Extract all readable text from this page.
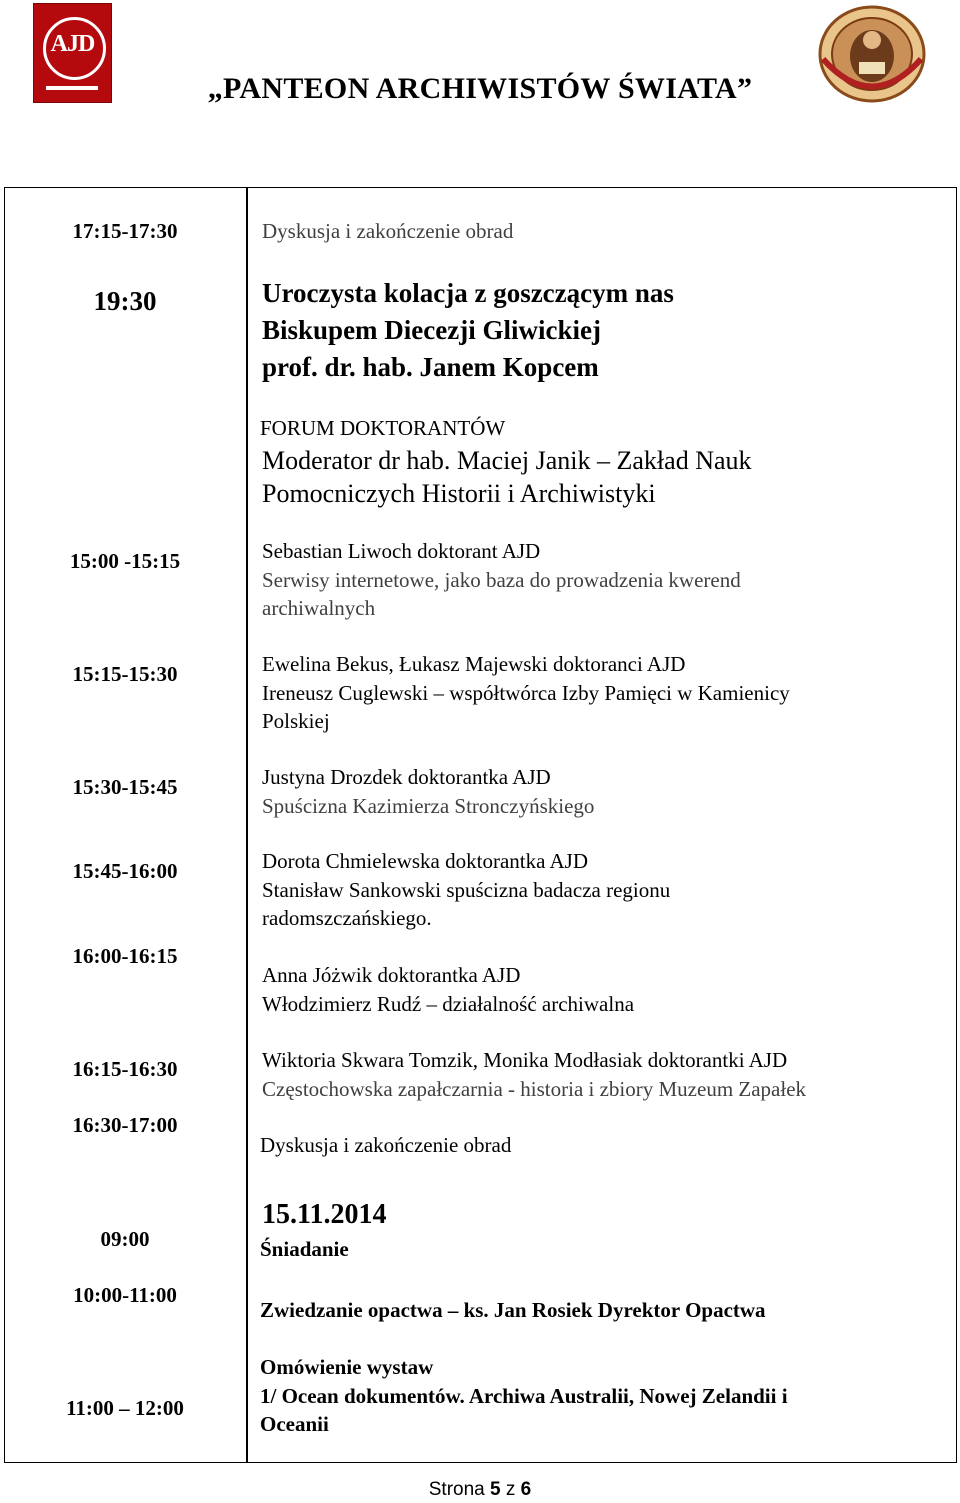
AJD
„PANTEON ARCHIWISTÓW ŚWIATA”
17:15-17:30
19:30
15:00 -15:15
15:15-15:30
15:30-15:45
15:45-16:00
16:00-16:15
16:15-16:30
16:30-17:00
09:00
10:00-11:00
11:00 – 12:00
Dyskusja i zakończenie obrad
Uroczysta kolacja z goszczącym nas
Biskupem Diecezji Gliwickiej
prof. dr. hab. Janem Kopcem
FORUM DOKTORANTÓW
Moderator dr hab. Maciej Janik – Zakład Nauk
Pomocniczych Historii i Archiwistyki
Sebastian Liwoch doktorant AJD
Serwisy internetowe, jako baza do prowadzenia kwerend
archiwalnych
Ewelina Bekus, Łukasz Majewski doktoranci AJD
Ireneusz Cuglewski – współtwórca Izby Pamięci w Kamienicy
Polskiej
Justyna Drozdek doktorantka AJD
Spuścizna Kazimierza Stronczyńskiego
Dorota Chmielewska doktorantka AJD
Stanisław Sankowski spuścizna badacza regionu
radomszczańskiego.
Anna Jóżwik doktorantka AJD
Włodzimierz Rudź – działalność archiwalna
Wiktoria Skwara Tomzik, Monika Modłasiak doktorantki AJD
Częstochowska zapałczarnia - historia i zbiory Muzeum Zapałek
Dyskusja i zakończenie obrad
15.11.2014
Śniadanie
Zwiedzanie opactwa – ks. Jan Rosiek Dyrektor Opactwa
Omówienie wystaw
1/ Ocean dokumentów. Archiwa Australii, Nowej Zelandii i
Oceanii
Strona 5 z 6
